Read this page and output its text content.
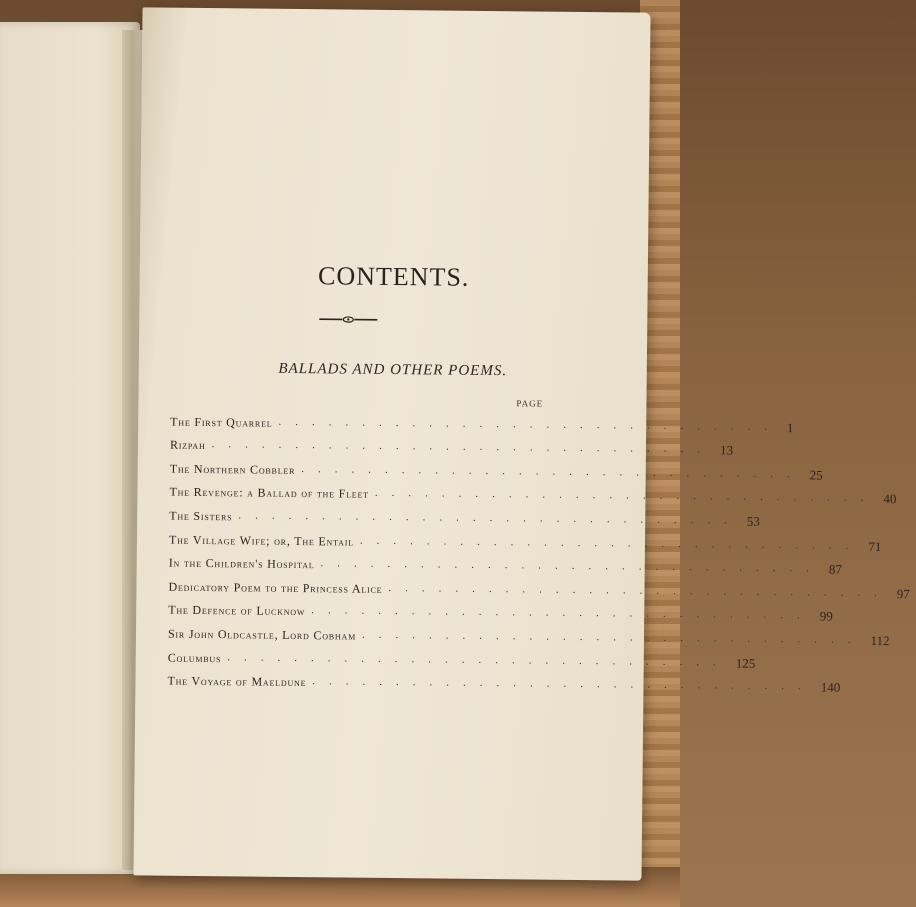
CONTENTS.
BALLADS AND OTHER POEMS.
PAGE
The First Quarrel .............................. 1
Rizpah .............................. 13
The Northern Cobbler .............................. 25
The Revenge: a Ballad of the Fleet .............................. 40
The Sisters .............................. 53
The Village Wife; or, The Entail .............................. 71
In the Children's Hospital .............................. 87
Dedicatory Poem to the Princess Alice .............................. 97
The Defence of Lucknow .............................. 99
Sir John Oldcastle, Lord Cobham .............................. 112
Columbus .............................. 125
The Voyage of Maeldune .............................. 140
